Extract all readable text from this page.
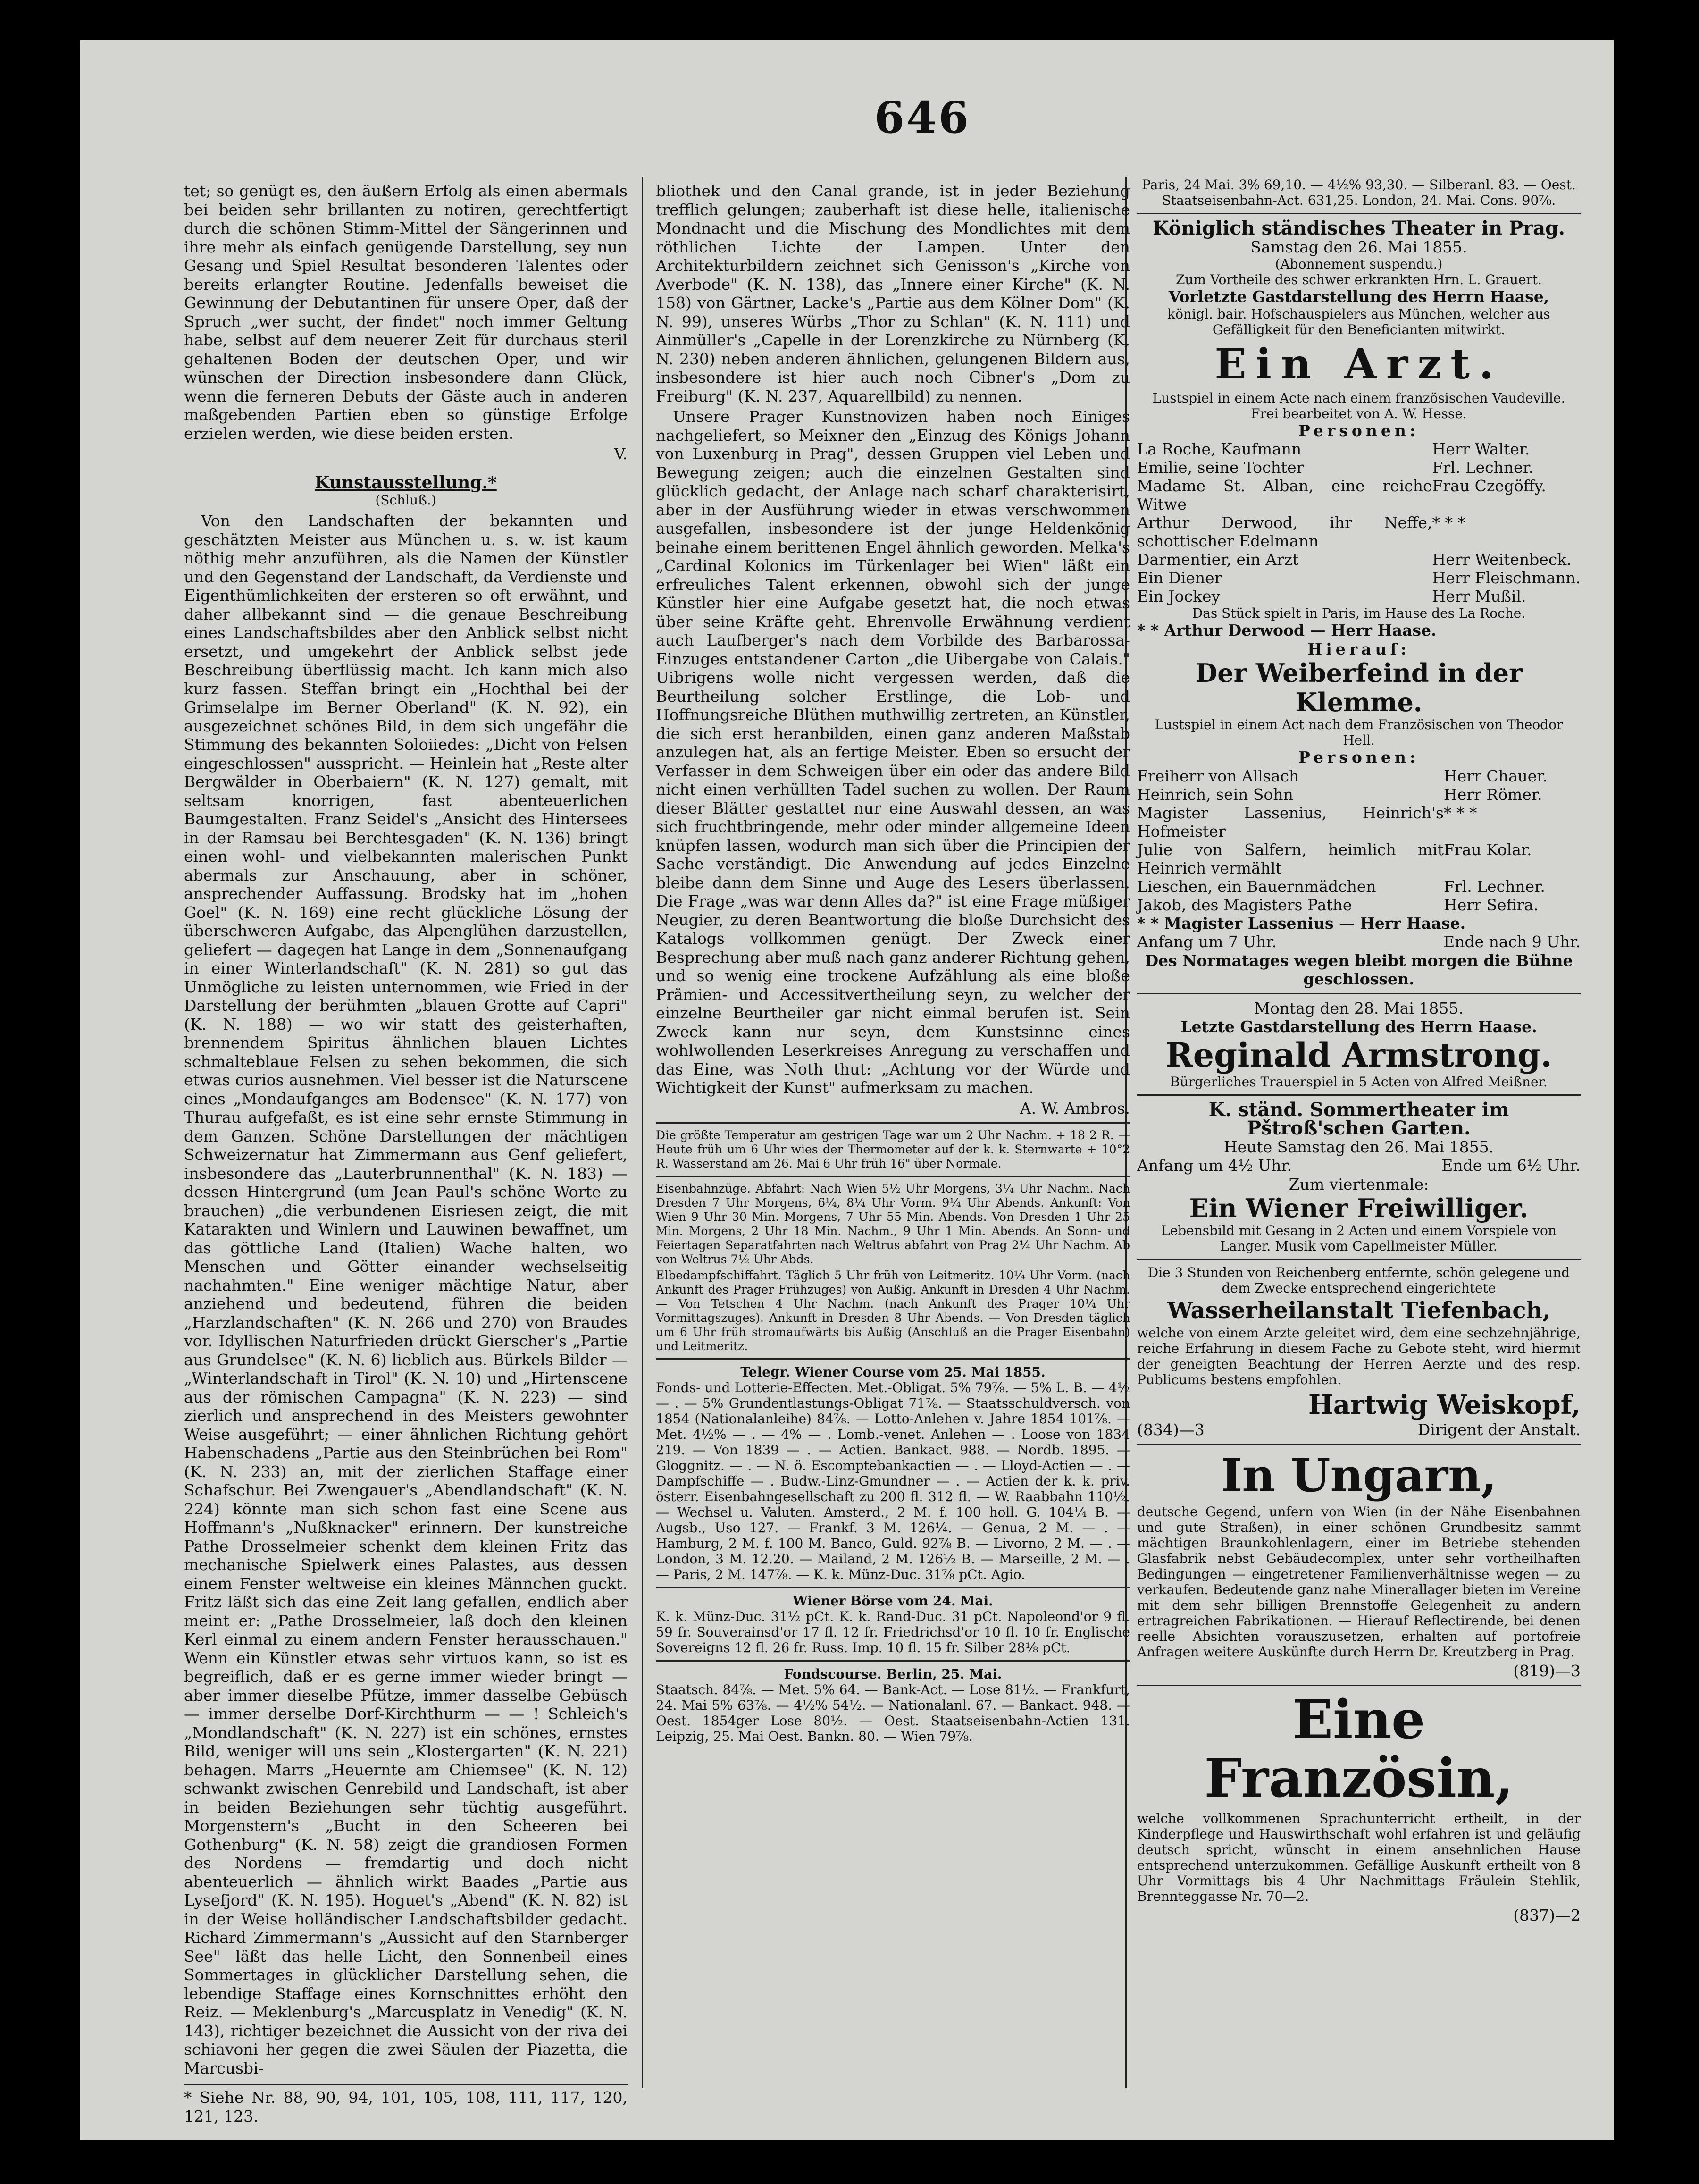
646

tet; so genügt es, den äußern Erfolg als einen abermals bei beiden sehr brillanten zu notiren, gerechtfertigt durch die schönen Stimm-Mittel der Sängerinnen und ihre mehr als einfach genügende Darstellung, sey nun Gesang und Spiel Resultat besonderen Talentes oder bereits erlangter Routine. Jedenfalls beweiset die Gewinnung der Debutantinen für unsere Oper, daß der Spruch „wer sucht, der findet" noch immer Geltung habe, selbst auf dem neuerer Zeit für durchaus steril gehaltenen Boden der deutschen Oper, und wir wünschen der Direction insbesondere dann Glück, wenn die ferneren Debuts der Gäste auch in anderen maßgebenden Partien eben so günstige Erfolge erzielen werden, wie diese beiden ersten.

V.

Kunstausstellung.*
(Schluß.)

Von den Landschaften der bekannten und geschätzten Meister aus München u. s. w. ist kaum nöthig mehr anzuführen, als die Namen der Künstler und den Gegenstand der Landschaft, da Verdienste und Eigenthümlichkeiten der ersteren so oft erwähnt, und daher allbekannt sind — die genaue Beschreibung eines Landschaftsbildes aber den Anblick selbst nicht ersetzt, und umgekehrt der Anblick selbst jede Beschreibung überflüssig macht. Ich kann mich also kurz fassen. Steffan bringt ein „Hochthal bei der Grimselalpe im Berner Oberland" (K. N. 92), ein ausgezeichnet schönes Bild, in dem sich ungefähr die Stimmung des bekannten Soloiiedes: „Dicht von Felsen eingeschlossen" ausspricht. — Heinlein hat „Reste alter Bergwälder in Oberbaiern" (K. N. 127) gemalt, mit seltsam knorrigen, fast abenteuerlichen Baumgestalten. Franz Seidel's „Ansicht des Hintersees in der Ramsau bei Berchtesgaden" (K. N. 136) bringt einen wohl- und vielbekannten malerischen Punkt abermals zur Anschauung, aber in schöner, ansprechender Auffassung. Brodsky hat im „hohen Goel" (K. N. 169) eine recht glückliche Lösung der überschweren Aufgabe, das Alpenglühen darzustellen, geliefert — dagegen hat Lange in dem „Sonnenaufgang in einer Winterlandschaft" (K. N. 281) so gut das Unmögliche zu leisten unternommen, wie Fried in der Darstellung der berühmten „blauen Grotte auf Capri" (K. N. 188) — wo wir statt des geisterhaften, brennendem Spiritus ähnlichen blauen Lichtes schmalteblaue Felsen zu sehen bekommen, die sich etwas curios ausnehmen. Viel besser ist die Naturscene eines „Mondaufganges am Bodensee" (K. N. 177) von Thurau aufgefaßt, es ist eine sehr ernste Stimmung in dem Ganzen. Schöne Darstellungen der mächtigen Schweizernatur hat Zimmermann aus Genf geliefert, insbesondere das „Lauterbrunnenthal" (K. N. 183) — dessen Hintergrund (um Jean Paul's schöne Worte zu brauchen) „die verbundenen Eisriesen zeigt, die mit Katarakten und Winlern und Lauwinen bewaffnet, um das göttliche Land (Italien) Wache halten, wo Menschen und Götter einander wechselseitig nachahmten." Eine weniger mächtige Natur, aber anziehend und bedeutend, führen die beiden „Harzlandschaften" (K. N. 266 und 270) von Braudes vor. Idyllischen Naturfrieden drückt Gierscher's „Partie aus Grundelsee" (K. N. 6) lieblich aus. Bürkels Bilder — „Winterlandschaft in Tirol" (K. N. 10) und „Hirtenscene aus der römischen Campagna" (K. N. 223) — sind zierlich und ansprechend in des Meisters gewohnter Weise ausgeführt; — einer ähnlichen Richtung gehört Habenschadens „Partie aus den Steinbrüchen bei Rom" (K. N. 233) an, mit der zierlichen Staffage einer Schafschur. Bei Zwengauer's „Abendlandschaft" (K. N. 224) könnte man sich schon fast eine Scene aus Hoffmann's „Nußknacker" erinnern. Der kunstreiche Pathe Drosselmeier schenkt dem kleinen Fritz das mechanische Spielwerk eines Palastes, aus dessen einem Fenster weltweise ein kleines Männchen guckt. Fritz läßt sich das eine Zeit lang gefallen, endlich aber meint er: „Pathe Drosselmeier, laß doch den kleinen Kerl einmal zu einem andern Fenster herausschauen." Wenn ein Künstler etwas sehr virtuos kann, so ist es begreiflich, daß er es gerne immer wieder bringt — aber immer dieselbe Pfütze, immer dasselbe Gebüsch — immer derselbe Dorf-Kirchthurm — — ! Schleich's „Mondlandschaft" (K. N. 227) ist ein schönes, ernstes Bild, weniger will uns sein „Klostergarten" (K. N. 221) behagen. Marrs „Heuernte am Chiemsee" (K. N. 12) schwankt zwischen Genrebild und Landschaft, ist aber in beiden Beziehungen sehr tüchtig ausgeführt. Morgenstern's „Bucht in den Scheeren bei Gothenburg" (K. N. 58) zeigt die grandiosen Formen des Nordens — fremdartig und doch nicht abenteuerlich — ähnlich wirkt Baades „Partie aus Lysefjord" (K. N. 195). Hoguet's „Abend" (K. N. 82) ist in der Weise holländischer Landschaftsbilder gedacht. Richard Zimmermann's „Aussicht auf den Starnberger See" läßt das helle Licht, den Sonnenbeil eines Sommertages in glücklicher Darstellung sehen, die lebendige Staffage eines Kornschnittes erhöht den Reiz. — Meklenburg's „Marcusplatz in Venedig" (K. N. 143), richtiger bezeichnet die Aussicht von der riva dei schiavoni her gegen die zwei Säulen der Piazetta, die Marcusbi-

* Siehe Nr. 88, 90, 94, 101, 105, 108, 111, 117, 120, 121, 123.

bliothek und den Canal grande, ist in jeder Beziehung trefflich gelungen; zauberhaft ist diese helle, italienische Mondnacht und die Mischung des Mondlichtes mit dem röthlichen Lichte der Lampen. Unter den Architekturbildern zeichnet sich Genisson's „Kirche von Averbode" (K. N. 138), das „Innere einer Kirche" (K. N. 158) von Gärtner, Lacke's „Partie aus dem Kölner Dom" (K. N. 99), unseres Würbs „Thor zu Schlan" (K. N. 111) und Ainmüller's „Capelle in der Lorenzkirche zu Nürnberg (K. N. 230) neben anderen ähnlichen, gelungenen Bildern aus, insbesondere ist hier auch noch Cibner's „Dom zu Freiburg" (K. N. 237, Aquarellbild) zu nennen.

Unsere Prager Kunstnovizen haben noch Einiges nachgeliefert, so Meixner den „Einzug des Königs Johann von Luxenburg in Prag", dessen Gruppen viel Leben und Bewegung zeigen; auch die einzelnen Gestalten sind glücklich gedacht, der Anlage nach scharf charakterisirt, aber in der Ausführung wieder in etwas verschwommen ausgefallen, insbesondere ist der junge Heldenkönig beinahe einem berittenen Engel ähnlich geworden. Melka's „Cardinal Kolonics im Türkenlager bei Wien" läßt ein erfreuliches Talent erkennen, obwohl sich der junge Künstler hier eine Aufgabe gesetzt hat, die noch etwas über seine Kräfte geht. Ehrenvolle Erwähnung verdient auch Laufberger's nach dem Vorbilde des Barbarossa-Einzuges entstandener Carton „die Uibergabe von Calais." Uibrigens wolle nicht vergessen werden, daß die Beurtheilung solcher Erstlinge, die Lob- und Hoffnungsreiche Blüthen muthwillig zertreten, an Künstler, die sich erst heranbilden, einen ganz anderen Maßstab anzulegen hat, als an fertige Meister. Eben so ersucht der Verfasser in dem Schweigen über ein oder das andere Bild nicht einen verhüllten Tadel suchen zu wollen. Der Raum dieser Blätter gestattet nur eine Auswahl dessen, an was sich fruchtbringende, mehr oder minder allgemeine Ideen knüpfen lassen, wodurch man sich über die Principien der Sache verständigt. Die Anwendung auf jedes Einzelne bleibe dann dem Sinne und Auge des Lesers überlassen. Die Frage „was war denn Alles da?" ist eine Frage müßiger Neugier, zu deren Beantwortung die bloße Durchsicht des Katalogs vollkommen genügt. Der Zweck einer Besprechung aber muß nach ganz anderer Richtung gehen, und so wenig eine trockene Aufzählung als eine bloße Prämien- und Accessitvertheilung seyn, zu welcher der einzelne Beurtheiler gar nicht einmal berufen ist. Sein Zweck kann nur seyn, dem Kunstsinne eines wohlwollenden Leserkreises Anregung zu verschaffen und das Eine, was Noth thut: „Achtung vor der Würde und Wichtigkeit der Kunst" aufmerksam zu machen.

A. W. Ambros.

Die größte Temperatur am gestrigen Tage war um 2 Uhr Nachm. + 18 2 R. — Heute früh um 6 Uhr wies der Thermometer auf der k. k. Sternwarte + 10°2 R. Wasserstand am 26. Mai 6 Uhr früh 16" über Normale.

Eisenbahnzüge. Abfahrt: Nach Wien 5½ Uhr Morgens, 3¼ Uhr Nachm. Nach Dresden 7 Uhr Morgens, 6¼, 8¼ Uhr Vorm. 9¼ Uhr Abends. Ankunft: Von Wien 9 Uhr 30 Min. Morgens, 7 Uhr 55 Min. Abends. Von Dresden 1 Uhr 25 Min. Morgens, 2 Uhr 18 Min. Nachm., 9 Uhr 1 Min. Abends. An Sonn- und Feiertagen Separatfahrten nach Weltrus abfahrt von Prag 2¼ Uhr Nachm. Ab von Weltrus 7½ Uhr Abds.

Elbedampfschiffahrt. Täglich 5 Uhr früh von Leitmeritz. 10¼ Uhr Vorm. (nach Ankunft des Prager Frühzuges) von Außig. Ankunft in Dresden 4 Uhr Nachm. — Von Tetschen 4 Uhr Nachm. (nach Ankunft des Prager 10¼ Uhr Vormittagszuges). Ankunft in Dresden 8 Uhr Abends. — Von Dresden täglich um 6 Uhr früh stromaufwärts bis Außig (Anschluß an die Prager Eisenbahn) und Leitmeritz.

Telegr. Wiener Course vom 25. Mai 1855.

Fonds- und Lotterie-Effecten. Met.-Obligat. 5% 79⅞. — 5% L. B. — 4½ — . — 5% Grundentlastungs-Obligat 71⅞. — Staatsschuldversch. von 1854 (Nationalanleihe) 84⅞. — Lotto-Anlehen v. Jahre 1854 101⅞. — Met. 4½% — . — 4% — . Lomb.-venet. Anlehen — . Loose von 1834 219. — Von 1839 — . — Actien. Bankact. 988. — Nordb. 1895. — Gloggnitz. — . — N. ö. Escomptebankactien — . — Lloyd-Actien — . — Dampfschiffe — . Budw.-Linz-Gmundner — . — Actien der k. k. priv. österr. Eisenbahngesellschaft zu 200 fl. 312 fl. — W. Raabbahn 110½. — Wechsel u. Valuten. Amsterd., 2 M. f. 100 holl. G. 104¼ B. — Augsb., Uso 127. — Frankf. 3 M. 126¼. — Genua, 2 M. — . — Hamburg, 2 M. f. 100 M. Banco, Guld. 92⅞ B. — Livorno, 2 M. — . — London, 3 M. 12.20. — Mailand, 2 M. 126½ B. — Marseille, 2 M. — . — Paris, 2 M. 147⅞. — K. k. Münz-Duc. 31⅞ pCt. Agio.

Wiener Börse vom 24. Mai.

K. k. Münz-Duc. 31½ pCt. K. k. Rand-Duc. 31 pCt. Napoleond'or 9 fl. 59 fr. Souverainsd'or 17 fl. 12 fr. Friedrichsd'or 10 fl. 10 fr. Englische Sovereigns 12 fl. 26 fr. Russ. Imp. 10 fl. 15 fr. Silber 28⅛ pCt.

Fondscourse. Berlin, 25. Mai.

Staatsch. 84⅞. — Met. 5% 64. — Bank-Act. — Lose 81½. — Frankfurt, 24. Mai 5% 63⅞. — 4½% 54½. — Nationalanl. 67. — Bankact. 948. — Oest. 1854ger Lose 80½. — Oest. Staatseisenbahn-Actien 131. Leipzig, 25. Mai Oest. Bankn. 80. — Wien 79⅞.

Paris, 24 Mai. 3% 69,10. — 4½% 93,30. — Silberanl. 83. — Oest. Staatseisenbahn-Act. 631,25. London, 24. Mai. Cons. 90⅞.

Königlich ständisches Theater in Prag.
Samstag den 26. Mai 1855.
(Abonnement suspendu.)
Zum Vortheile des schwer erkrankten Hrn. L. Grauert.
Vorletzte Gastdarstellung des Herrn Haase,
königl. bair. Hofschauspielers aus München, welcher aus Gefälligkeit für den Beneficianten mitwirkt.
Ein Arzt.
Lustspiel in einem Acte nach einem französischen Vaudeville. Frei bearbeitet von A. W. Hesse.
Personen:
La Roche, Kaufmann	Herr Walter.
Emilie, seine Tochter	Frl. Lechner.
Madame St. Alban, eine reiche Witwe	Frau Czegöffy.
Arthur Derwood, ihr Neffe, schottischer Edelmann	* * *
Darmentier, ein Arzt	Herr Weitenbeck.
Ein Diener	Herr Fleischmann.
Ein Jockey	Herr Mußil.
Das Stück spielt in Paris, im Hause des La Roche.
* * Arthur Derwood — Herr Haase.
Hierauf:
Der Weiberfeind in der Klemme.
Lustspiel in einem Act nach dem Französischen von Theodor Hell.
Personen:
Freiherr von Allsach	Herr Chauer.
Heinrich, sein Sohn	Herr Römer.
Magister Lassenius, Heinrich's Hofmeister	* * *
Julie von Salfern, heimlich mit Heinrich vermählt	Frau Kolar.
Lieschen, ein Bauernmädchen	Frl. Lechner.
Jakob, des Magisters Pathe	Herr Sefira.
* * Magister Lassenius — Herr Haase.
Anfang um 7 Uhr.	Ende nach 9 Uhr.
Des Normatages wegen bleibt morgen die Bühne geschlossen.
Montag den 28. Mai 1855.
Letzte Gastdarstellung des Herrn Haase.
Reginald Armstrong.
Bürgerliches Trauerspiel in 5 Acten von Alfred Meißner.
K. ständ. Sommertheater im Pštroß'schen Garten.
Heute Samstag den 26. Mai 1855.
Anfang um 4½ Uhr.	Ende um 6½ Uhr.
Zum viertenmale:
Ein Wiener Freiwilliger.
Lebensbild mit Gesang in 2 Acten und einem Vorspiele von Langer. Musik vom Capellmeister Müller.
Die 3 Stunden von Reichenberg entfernte, schön gelegene und dem Zwecke entsprechend eingerichtete
Wasserheilanstalt Tiefenbach,

welche von einem Arzte geleitet wird, dem eine sechzehnjährige, reiche Erfahrung in diesem Fache zu Gebote steht, wird hiermit der geneigten Beachtung der Herren Aerzte und des resp. Publicums bestens empfohlen.

Hartwig Weiskopf,
(834)—3	Dirigent der Anstalt.
In Ungarn,

deutsche Gegend, unfern von Wien (in der Nähe Eisenbahnen und gute Straßen), in einer schönen Grundbesitz sammt mächtigen Braunkohlenlagern, einer im Betriebe stehenden Glasfabrik nebst Gebäudecomplex, unter sehr vortheilhaften Bedingungen — eingetretener Familienverhältnisse wegen — zu verkaufen. Bedeutende ganz nahe Minerallager bieten im Vereine mit dem sehr billigen Brennstoffe Gelegenheit zu andern ertragreichen Fabrikationen. — Hierauf Reflectirende, bei denen reelle Absichten vorauszusetzen, erhalten auf portofreie Anfragen weitere Auskünfte durch Herrn Dr. Kreutzberg in Prag.

(819)—3
Eine Französin,

welche vollkommenen Sprachunterricht ertheilt, in der Kinderpflege und Hauswirthschaft wohl erfahren ist und geläufig deutsch spricht, wünscht in einem ansehnlichen Hause entsprechend unterzukommen. Gefällige Auskunft ertheilt von 8 Uhr Vormittags bis 4 Uhr Nachmittags Fräulein Stehlik, Brennteggasse Nr. 70—2.

(837)—2
